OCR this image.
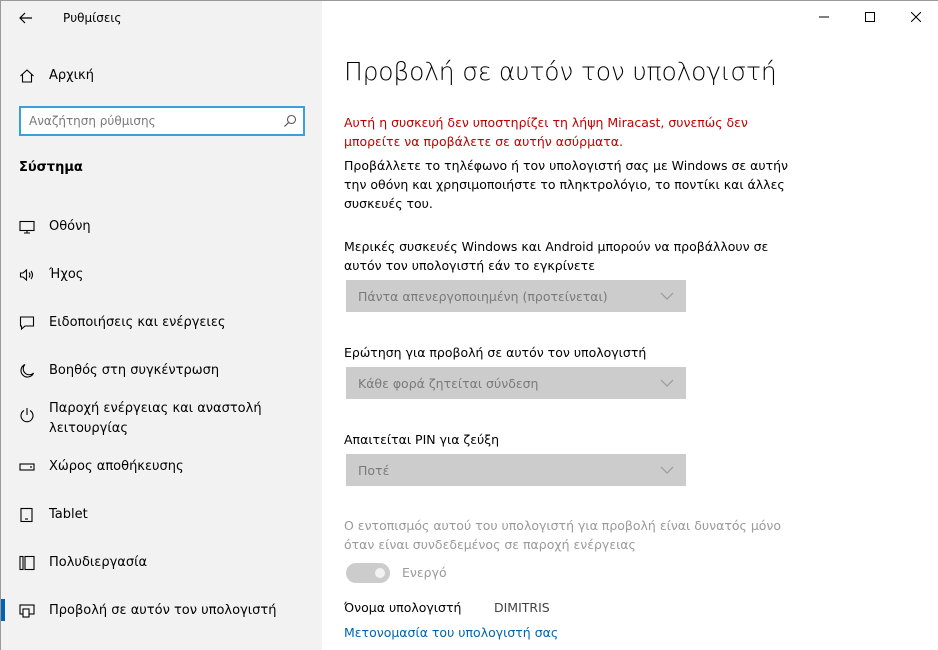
Ρυθμίσεις
Αρχική
Αναζήτηση ρύθμισης
Σύστημα
Οθόνη
Ήχος
Ειδοποιήσεις και ενέργειες
Βοηθός στη συγκέντρωση
Παροχή ενέργειας και αναστολή λειτουργίας
Χώρος αποθήκευσης
Tablet
Πολυδιεργασία
Προβολή σε αυτόν τον υπολογιστή
Προβολή σε αυτόν τον υπολογιστή

Αυτή η συσκευή δεν υποστηρίζει τη λήψη Miracast, συνεπώς δεν μπορείτε να προβάλετε σε αυτήν ασύρματα.

Προβάλλετε το τηλέφωνο ή τον υπολογιστή σας με Windows σε αυτήν την οθόνη και χρησιμοποιήστε το πληκτρολόγιο, το ποντίκι και άλλες συσκευές του.

Μερικές συσκευές Windows και Android μπορούν να προβάλλουν σε αυτόν τον υπολογιστή εάν το εγκρίνετε

Πάντα απενεργοποιημένη (προτείνεται)

Ερώτηση για προβολή σε αυτόν τον υπολογιστή

Κάθε φορά ζητείται σύνδεση

Απαιτείται PIN για ζεύξη

Ποτέ

Ο εντοπισμός αυτού του υπολογιστή για προβολή είναι δυνατός μόνο όταν είναι συνδεδεμένος σε παροχή ενέργειας

Ενεργό
Όνομα υπολογιστή	DIMITRIS
Μετονομασία του υπολογιστή σας
